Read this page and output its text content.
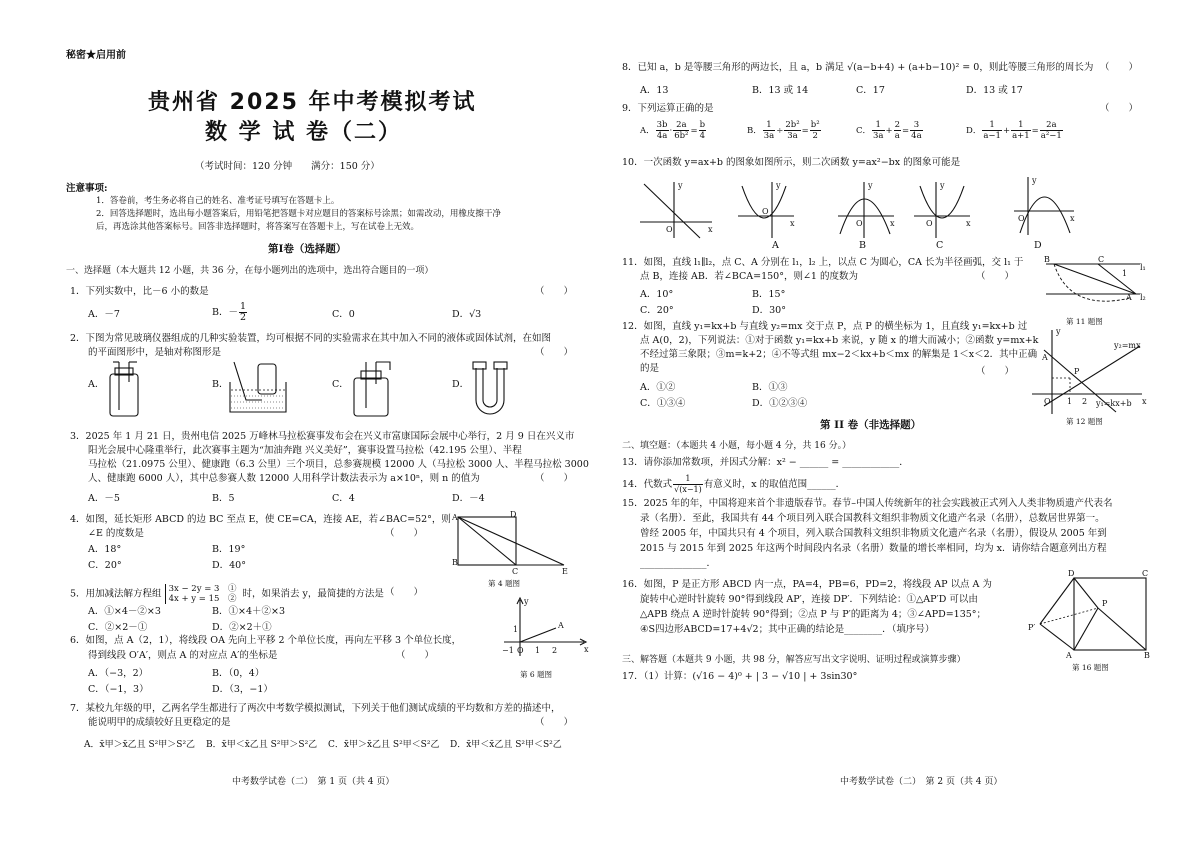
秘密★启用前
贵州省 2025 年中考模拟考试
数 学 试 卷（二）
（考试时间：120 分钟　　满分：150 分）
注意事项:
1．答卷前，考生务必将自己的姓名、准考证号填写在答题卡上。
2．回答选择题时，选出每小题答案后，用铅笔把答题卡对应题目的答案标号涂黑；如需改动，用橡皮擦干净
后，再选涂其他答案标号。回答非选择题时，将答案写在答题卡上，写在试卷上无效。
第Ⅰ卷（选择题）
一、选择题（本大题共 12 小题，共 36 分，在每小题列出的选项中，选出符合题目的一项）
1．下列实数中，比－6 小的数是	（　　）
A．－7	B．－ $\frac{1}{2}$	C．0	D．√3
2．下图为常见玻璃仪器组成的几种实验装置，均可根据不同的实验需求在其中加入不同的液体或固体试剂，在如图
的平面图形中，是轴对称图形是	（　　）
A．	B．	C．	D．
3．2025 年 1 月 21 日，贵州电信 2025 万峰林马拉松赛事发布会在兴义市富康国际会展中心举行，2 月 9 日在兴义市
阳光会展中心隆重举行，此次赛事主题为“加油奔跑 兴义美好”，赛事设置马拉松（42.195 公里）、半程
马拉松（21.0975 公里）、健康跑（6.3 公里）三个项目，总参赛规模 12000 人（马拉松 3000 人、半程马拉松 3000
人、健康跑 6000 人），其中总参赛人数 12000 人用科学计数法表示为 a×10ⁿ，则 n 的值为	（　　）
A．－5	B．5	C．4	D．－4
4．如图，延长矩形 ABCD 的边 BC 至点 E，使 CE=CA，连接 AE，若∠BAC=52°，则
∠E 的度数是	（　　）
A．18°	B．19°
C．20°	D．40°
A	D
B
C	E
第 4 题图
5．用加减法解方程组 3x − 2y = 3　①
4x + y = 15　② 时，如果消去 y，最简捷的方法是 （　　）
A．①×4－②×3	B．①×4＋②×3
C．②×2－①	D．②×2＋①
6．如图，点 A（2，1），将线段 OA 先向上平移 2 个单位长度，再向左平移 3 个单位长度，
得到线段 O′A′，则点 A 的对应点 A′的坐标是	（　　）
A．（−3，2）	B．（0，4）
C．（−1，3）	D．（3，−1）
y
x
A
1
−1 O 1 2
第 6 题图
7．某校九年级的甲，乙两名学生都进行了两次中考数学模拟测试，下列关于他们测试成绩的平均数和方差的描述中，
能说明甲的成绩较好且更稳定的是	（　　）
A．x̄甲＞x̄乙且 S²甲＞S²乙 B．x̄甲＜x̄乙且 S²甲＞S²乙 C．x̄甲＞x̄乙且 S²甲＜S²乙 D．x̄甲＜x̄乙且 S²甲＜S²乙
中考数学试卷（二）　第 1 页（共 4 页）
8．已知 a，b 是等腰三角形的两边长，且 a，b 满足 √(a−b+4) + (a+b−10)² = 0，则此等腰三角形的周长为 （　　）
A．13	B．13 或 14	C．17	D．13 或 17
9．下列运算正确的是	（　　）
A． $\frac{3b}{4a} \cdot \frac{2a}{\text{6b²}} = \frac{b}{4}$	B． $\frac{1}{3a} \div \frac{\text{2b²}}{3a} = \frac{\text{b²}}{2}$	C． $\frac{1}{3a} + \frac{2}{a} = \frac{3}{4a}$	D． $\frac{1}{a-1} + \frac{1}{a+1} = \frac{2a}{\text{a²−1}}$
10．一次函数 y=ax+b 的图象如图所示，则二次函数 y=ax²−bx 的图象可能是
y
x
O
y
x
O
y
x
O
y
x
O
y
x
O
A	B	C	D
11．如图，直线 l₁∥l₂，点 C、A 分别在 l₁，l₂ 上，以点 C 为圆心，CA 长为半径画弧，交 l₁ 于
点 B，连接 AB．若∠BCA=150°，则∠1 的度数为	（　　）
A．10°	B．15°
C．20°	D．30°
B	C
l₁
l₂
A
1
第 11 题图
12．如图，直线 y₁=kx+b 与直线 y₂=mx 交于点 P，点 P 的横坐标为 1，且直线 y₁=kx+b 过
点 A(0，2)，下列说法：①对于函数 y₁=kx+b 来说，y 随 x 的增大而减小；②函数 y=mx+k
不经过第三象限；③m=k+2；④不等式组 mx−2＜kx+b＜mx 的解集是 1＜x＜2．其中正确
的是	（　　）
A．①②	B．①③
C．①③④	D．①②③④
y
x
A
P
O 1 2
y₂=mx
y₁=kx+b
第 12 题图
第 II 卷（非选择题）
二、填空题：（本题共 4 小题，每小题 4 分，共 16 分。）
13．请你添加常数项，并因式分解：x² − ______ = ____________．
14．代数式 $\frac{1}{√(x-1)}$ 有意义时，x 的取值范围______．
15．2025 年的年，中国将迎来首个非遗版春节。春节–中国人传统新年的社会实践被正式列入人类非物质遗产代表名
录（名册）．至此，我国共有 44 个项目列入联合国教科文组织非物质文化遗产名录（名册），总数居世界第一。
曾经 2005 年，中国共只有 4 个项目，列入联合国教科文组织非物质文化遗产名录（名册），假设从 2005 年到
2015 与 2015 年到 2025 年这两个时间段内名录（名册）数量的增长率相同，均为 x．请你结合题意列出方程
______________．
16．如图，P 是正方形 ABCD 内一点，PA=4，PB=6，PD=2，将线段 AP 以点 A 为
旋转中心逆时针旋转 90°得到线段 AP′，连接 DP′．下列结论：①△AP′D 可以由
△APB 绕点 A 逆时针旋转 90°得到；②点 P 与 P′的距离为 4；③∠APD=135°；
④S四边形ABCD=17+4√2；其中正确的结论是________．（填序号）
D	C
A	B
P
P′
第 16 题图
三、解答题（本题共 9 小题，共 98 分，解答应写出文字说明、证明过程或演算步骤）
17．（1）计算：(√16 − 4)⁰ + | 3 − √10 | + 3sin30°
中考数学试卷（二）　第 2 页（共 4 页）
